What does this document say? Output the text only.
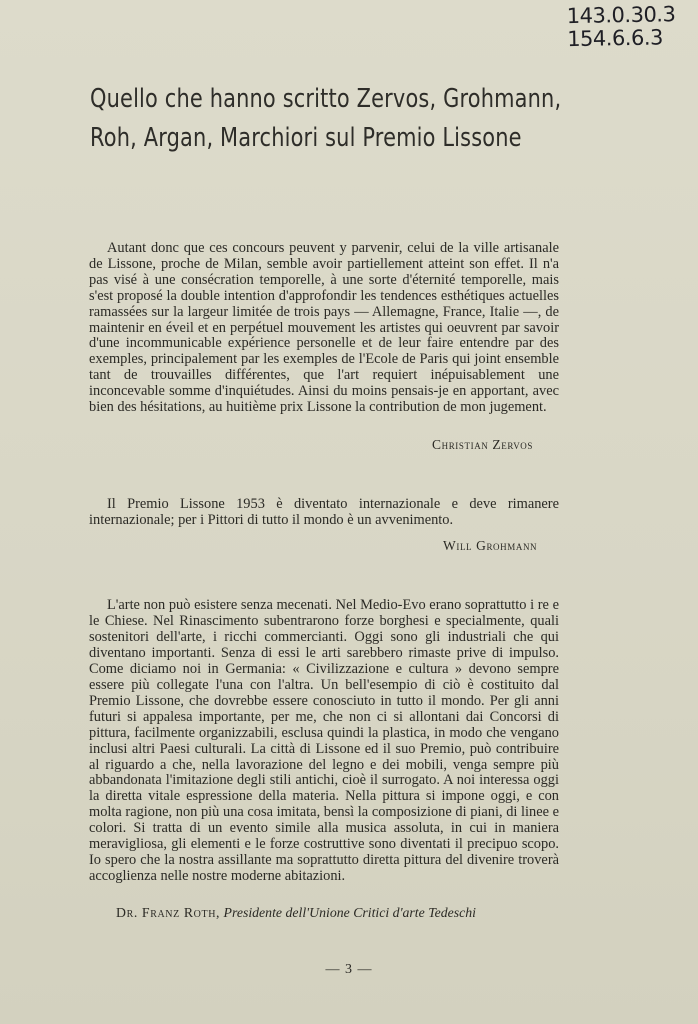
143.0.30.3
154.6.6.3
Quello che hanno scritto Zervos, Grohmann,
Roh, Argan, Marchiori sul Premio Lissone

Autant donc que ces concours peuvent y parvenir, celui de la ville artisanale de Lissone, proche de Milan, semble avoir partiellement atteint son effet. Il n'a pas visé à une consécration temporelle, à une sorte d'éternité temporelle, mais s'est proposé la double intention d'approfondir les tendences esthétiques actuelles ramassées sur la largeur limitée de trois pays — Allemagne, France, Italie —, de maintenir en éveil et en perpétuel mouvement les artistes qui oeuvrent par savoir d'une incommunicable expérience personelle et de leur faire entendre par des exemples, principalement par les exemples de l'Ecole de Paris qui joint ensemble tant de trouvailles différentes, que l'art requiert inépuisablement une inconcevable somme d'inquiétudes. Ainsi du moins pensais-je en apportant, avec bien des hésitations, au huitième prix Lissone la contribution de mon jugement.

Christian Zervos

Il Premio Lissone 1953 è diventato internazionale e deve rimanere internazionale; per i Pittori di tutto il mondo è un avvenimento.

Will Grohmann

L'arte non può esistere senza mecenati. Nel Medio-Evo erano soprattutto i re e le Chiese. Nel Rinascimento subentrarono forze borghesi e specialmente, quali sostenitori dell'arte, i ricchi commercianti. Oggi sono gli industriali che qui diventano importanti. Senza di essi le arti sarebbero rimaste prive di impulso. Come diciamo noi in Germania: « Civilizzazione e cultura » devono sempre essere più collegate l'una con l'altra. Un bell'esempio di ciò è costituito dal Premio Lissone, che dovrebbe essere conosciuto in tutto il mondo. Per gli anni futuri si appalesa importante, per me, che non ci si allontani dai Concorsi di pittura, facilmente organizzabili, esclusa quindi la plastica, in modo che vengano inclusi altri Paesi culturali. La città di Lissone ed il suo Premio, può contribuire al riguardo a che, nella lavorazione del legno e dei mobili, venga sempre più abbandonata l'imitazione degli stili antichi, cioè il surrogato. A noi interessa oggi la diretta vitale espressione della materia. Nella pittura si impone oggi, e con molta ragione, non più una cosa imitata, bensì la composizione di piani, di linee e colori. Si tratta di un evento simile alla musica assoluta, in cui in maniera meravigliosa, gli elementi e le forze costruttive sono diventati il precipuo scopo. Io spero che la nostra assillante ma soprattutto diretta pittura del divenire troverà accoglienza nelle nostre moderne abitazioni.

Dr. Franz Roth, Presidente dell'Unione Critici d'arte Tedeschi
— 3 —
